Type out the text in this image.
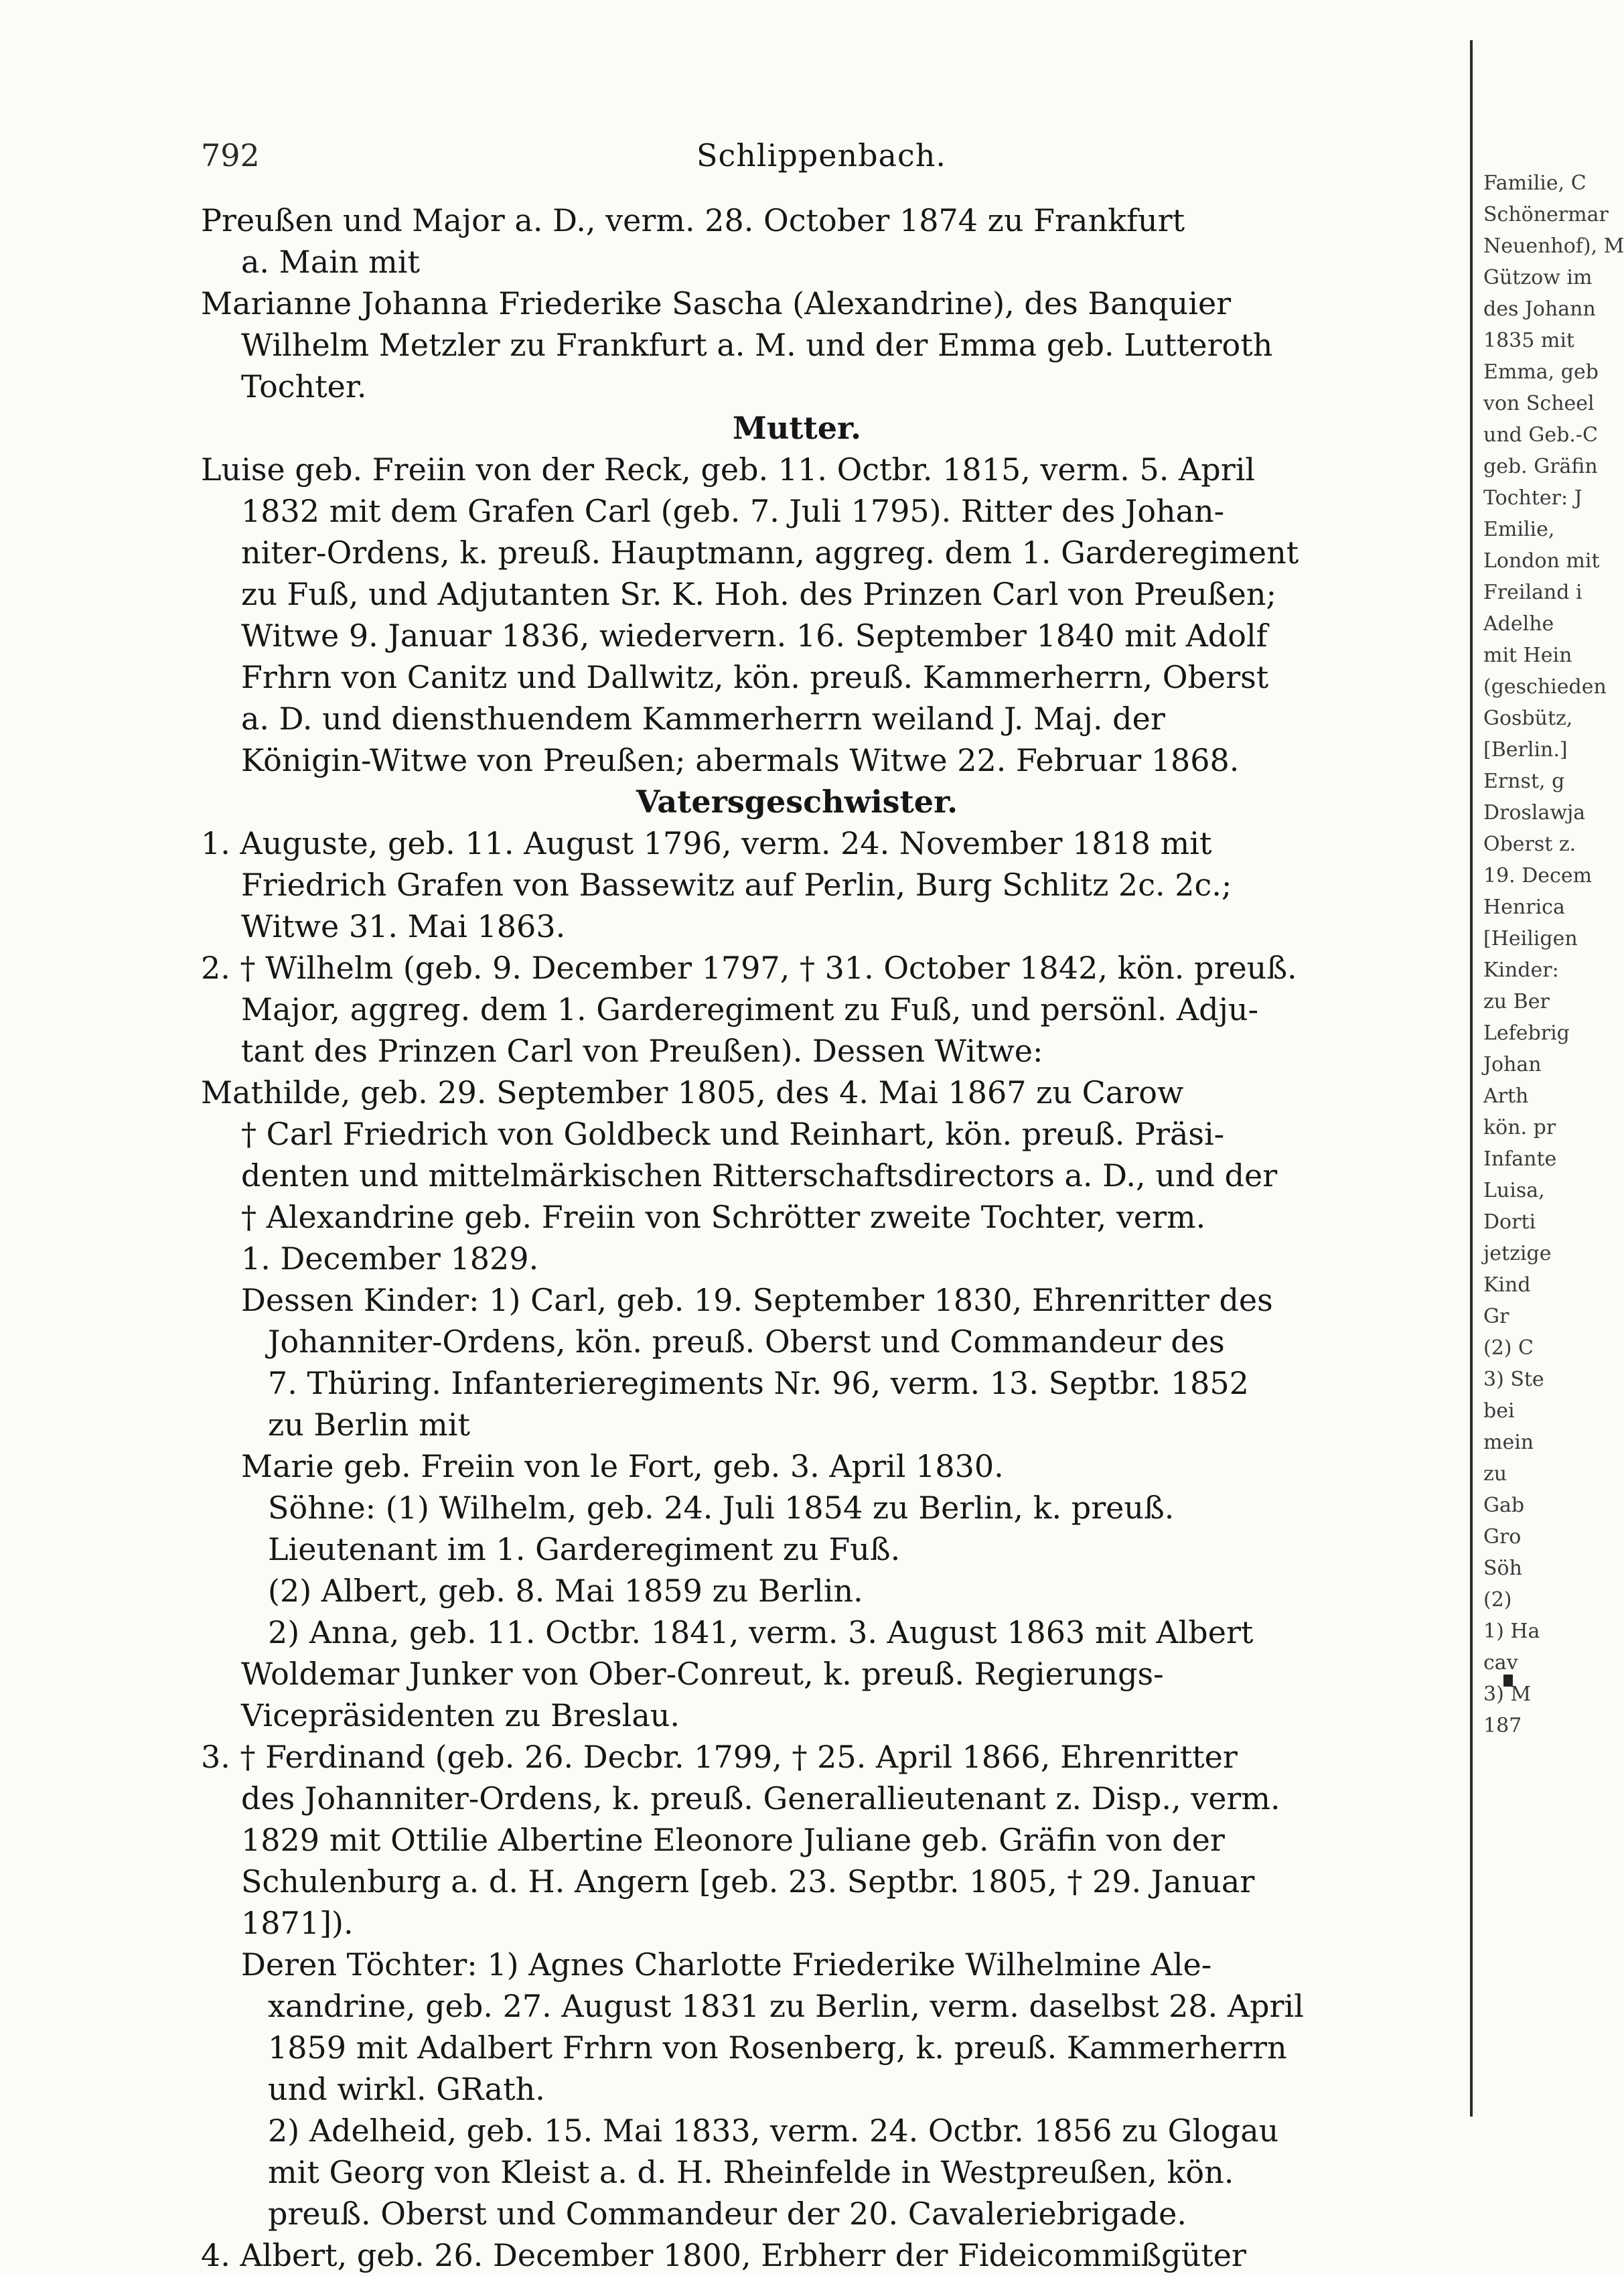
792	Schlippenbach.
Preußen und Major a. D., verm. 28. October 1874 zu Frankfurt
a. Main mit
Marianne Johanna Friederike Sascha (Alexandrine), des Banquier
Wilhelm Metzler zu Frankfurt a. M. und der Emma geb. Lutteroth
Tochter.
Mutter.
Luise geb. Freiin von der Reck, geb. 11. Octbr. 1815, verm. 5. April
1832 mit dem Grafen Carl (geb. 7. Juli 1795). Ritter des Johan-
niter-Ordens, k. preuß. Hauptmann, aggreg. dem 1. Garderegiment
zu Fuß, und Adjutanten Sr. K. Hoh. des Prinzen Carl von Preußen;
Witwe 9. Januar 1836, wiedervern. 16. September 1840 mit Adolf
Frhrn von Canitz und Dallwitz, kön. preuß. Kammerherrn, Oberst
a. D. und diensthuendem Kammerherrn weiland J. Maj. der
Königin-Witwe von Preußen; abermals Witwe 22. Februar 1868.
Vatersgeschwister.
1. Auguste, geb. 11. August 1796, verm. 24. November 1818 mit
Friedrich Grafen von Bassewitz auf Perlin, Burg Schlitz 2c. 2c.;
Witwe 31. Mai 1863.
2. † Wilhelm (geb. 9. December 1797, † 31. October 1842, kön. preuß.
Major, aggreg. dem 1. Garderegiment zu Fuß, und persönl. Adju-
tant des Prinzen Carl von Preußen). Dessen Witwe:
Mathilde, geb. 29. September 1805, des 4. Mai 1867 zu Carow
† Carl Friedrich von Goldbeck und Reinhart, kön. preuß. Präsi-
denten und mittelmärkischen Ritterschaftsdirectors a. D., und der
† Alexandrine geb. Freiin von Schrötter zweite Tochter, verm.
1. December 1829.
Dessen Kinder: 1) Carl, geb. 19. September 1830, Ehrenritter des
Johanniter-Ordens, kön. preuß. Oberst und Commandeur des
7. Thüring. Infanterieregiments Nr. 96, verm. 13. Septbr. 1852
zu Berlin mit
Marie geb. Freiin von le Fort, geb. 3. April 1830.
Söhne: (1) Wilhelm, geb. 24. Juli 1854 zu Berlin, k. preuß.
Lieutenant im 1. Garderegiment zu Fuß.
(2) Albert, geb. 8. Mai 1859 zu Berlin.
2) Anna, geb. 11. Octbr. 1841, verm. 3. August 1863 mit Albert
Woldemar Junker von Ober-Conreut, k. preuß. Regierungs-
Vicepräsidenten zu Breslau.
3. † Ferdinand (geb. 26. Decbr. 1799, † 25. April 1866, Ehrenritter
des Johanniter-Ordens, k. preuß. Generallieutenant z. Disp., verm.
1829 mit Ottilie Albertine Eleonore Juliane geb. Gräfin von der
Schulenburg a. d. H. Angern [geb. 23. Septbr. 1805, † 29. Januar
1871]).
Deren Töchter: 1) Agnes Charlotte Friederike Wilhelmine Ale-
xandrine, geb. 27. August 1831 zu Berlin, verm. daselbst 28. April
1859 mit Adalbert Frhrn von Rosenberg, k. preuß. Kammerherrn
und wirkl. GRath.
2) Adelheid, geb. 15. Mai 1833, verm. 24. Octbr. 1856 zu Glogau
mit Georg von Kleist a. d. H. Rheinfelde in Westpreußen, kön.
preuß. Oberst und Commandeur der 20. Cavaleriebrigade.
4. Albert, geb. 26. December 1800, Erbherr der Fideicommißgüter
Familie, C
Schönermar
Neuenhof), M
Gützow im
des Johann
1835 mit
Emma, geb
von Scheel
und Geb.-C
geb. Gräfin
Tochter: J
Emilie,
London mit
Freiland i
Adelhe
mit Hein
(geschieden
Gosbütz,
[Berlin.]
Ernst, g
Droslawja
Oberst z.
19. Decem
Henrica
[Heiligen
Kinder:
zu Ber
Lefebrig
Johan
Arth
kön. pr
Infante
Luisa,
Dorti
jetzige
Kind
Gr
(2) C
3) Ste
bei
mein
zu
Gab
Gro
Söh
(2)
1) Ha
cav
3) M
187
